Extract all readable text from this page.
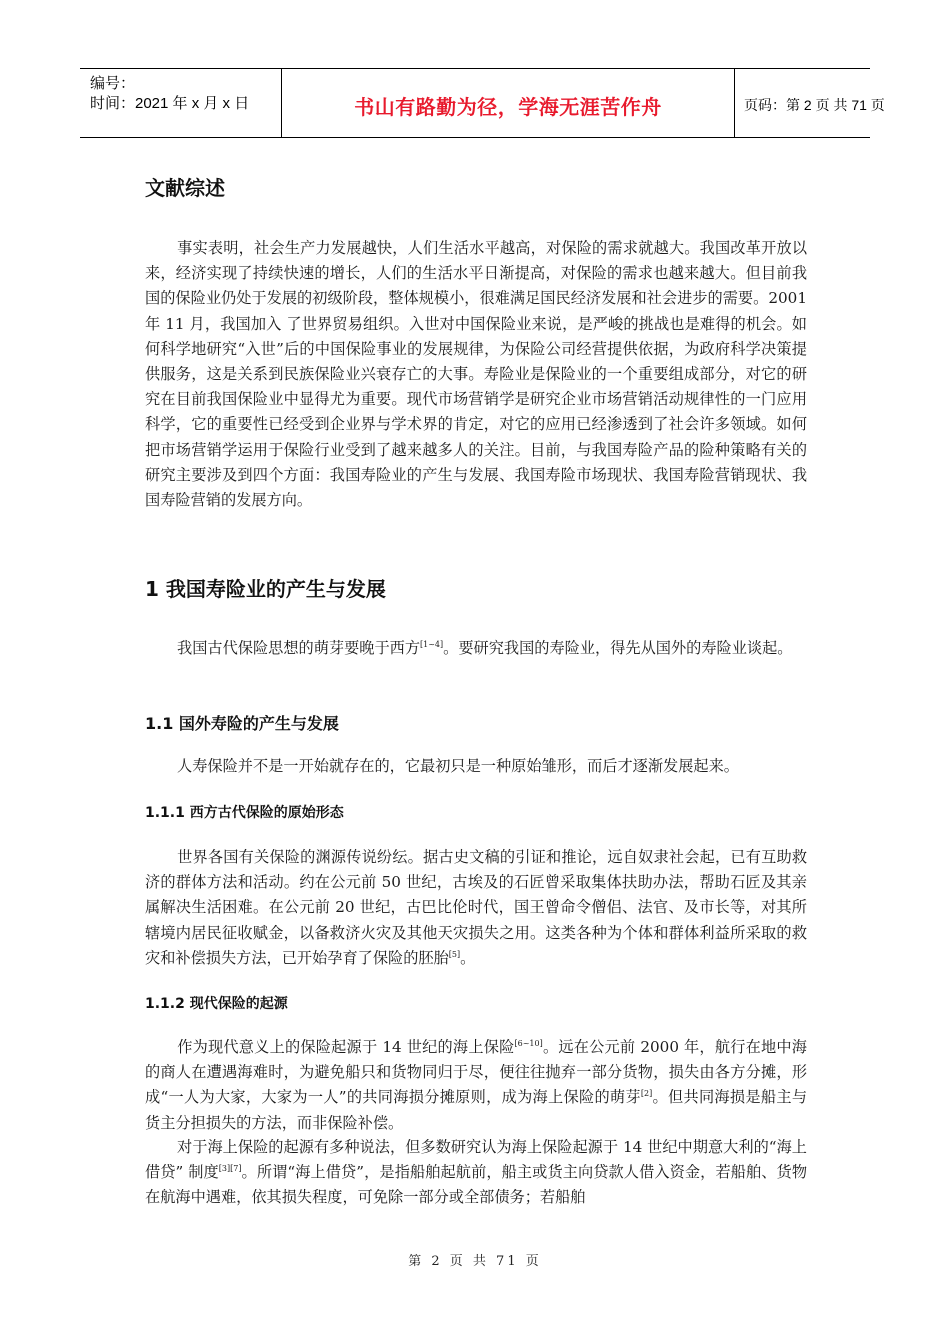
编号：
时间：2021 年 x 月 x 日	书山有路勤为径，学海无涯苦作舟	页码：第 2 页 共 71 页
文献综述
事实表明，社会生产力发展越快，人们生活水平越高，对保险的需求就越大。我国改革开放以来，经济实现了持续快速的增长，人们的生活水平日渐提高，对保险的需求也越来越大。但目前我国的保险业仍处于发展的初级阶段，整体规模小，很难满足国民经济发展和社会进步的需要。2001 年 11 月，我国加入 了世界贸易组织。入世对中国保险业来说，是严峻的挑战也是难得的机会。如何科学地研究“入世”后的中国保险事业的发展规律，为保险公司经营提供依据，为政府科学决策提供服务，这是关系到民族保险业兴衰存亡的大事。寿险业是保险业的一个重要组成部分，对它的研究在目前我国保险业中显得尤为重要。现代市场营销学是研究企业市场营销活动规律性的一门应用科学，它的重要性已经受到企业界与学术界的肯定，对它的应用已经渗透到了社会许多领域。如何把市场营销学运用于保险行业受到了越来越多人的关注。目前，与我国寿险产品的险种策略有关的研究主要涉及到四个方面：我国寿险业的产生与发展、我国寿险市场现状、我国寿险营销现状、我国寿险营销的发展方向。
1 我国寿险业的产生与发展
我国古代保险思想的萌芽要晚于西方[1~4]。要研究我国的寿险业，得先从国外的寿险业谈起。
1.1 国外寿险的产生与发展
人寿保险并不是一开始就存在的，它最初只是一种原始雏形，而后才逐渐发展起来。
1.1.1 西方古代保险的原始形态
世界各国有关保险的渊源传说纷纭。据古史文稿的引证和推论，远自奴隶社会起，已有互助救济的群体方法和活动。约在公元前 50 世纪，古埃及的石匠曾采取集体扶助办法，帮助石匠及其亲属解决生活困难。在公元前 20 世纪，古巴比伦时代，国王曾命令僧侣、法官、及市长等，对其所辖境内居民征收赋金，以备救济火灾及其他天灾损失之用。这类各种为个体和群体利益所采取的救灾和补偿损失方法，已开始孕育了保险的胚胎[5]。
1.1.2 现代保险的起源
作为现代意义上的保险起源于 14 世纪的海上保险[6~10]。远在公元前 2000 年，航行在地中海的商人在遭遇海难时，为避免船只和货物同归于尽，便往往抛弃一部分货物，损失由各方分摊，形成“一人为大家，大家为一人”的共同海损分摊原则，成为海上保险的萌芽[2]。但共同海损是船主与货主分担损失的方法，而非保险补偿。
对于海上保险的起源有多种说法，但多数研究认为海上保险起源于 14 世纪中期意大利的“海上借贷” 制度[3][7]。所谓“海上借贷”，是指船舶起航前，船主或货主向贷款人借入资金，若船舶、货物在航海中遇难，依其损失程度，可免除一部分或全部债务；若船舶
第 2 页 共 71 页
